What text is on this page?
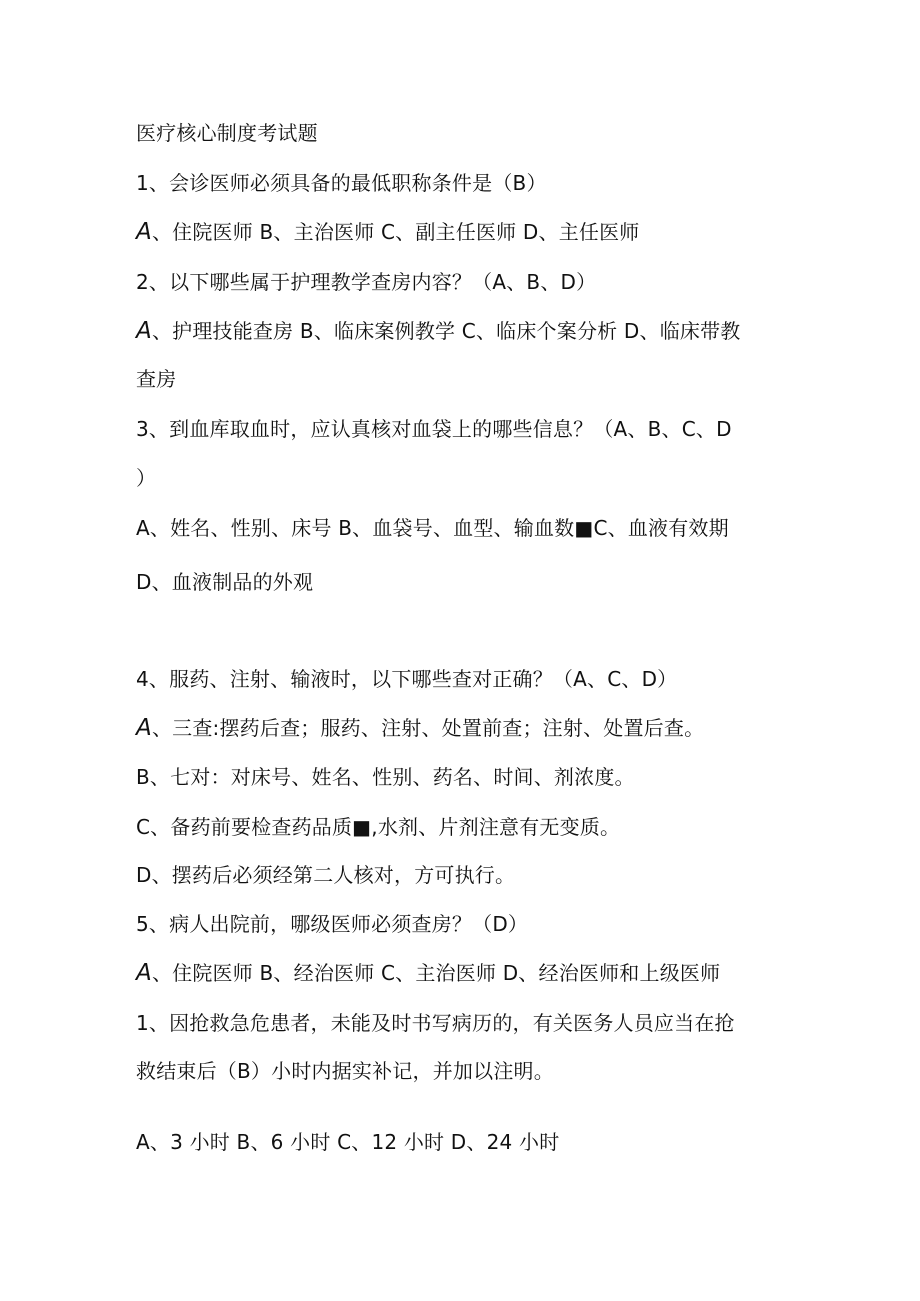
医疗核心制度考试题
1、会诊医师必须具备的最低职称条件是（B）
A、住院医师 B、主治医师 C、副主任医师 D、主任医师
2、以下哪些属于护理教学查房内容？（A、B、D）
A、护理技能查房 B、临床案例教学 C、临床个案分析 D、临床带教
查房
3、到血库取血时，应认真核对血袋上的哪些信息？（A、B、C、D
）
A、姓名、性别、床号 B、血袋号、血型、输血数■C、血液有效期
D、血液制品的外观
4、服药、注射、输液时，以下哪些查对正确？（A、C、D）
A、三查:摆药后查；服药、注射、处置前查；注射、处置后查。
B、七对：对床号、姓名、性别、药名、时间、剂浓度。
C、备药前要检查药品质■,水剂、片剂注意有无变质。
D、摆药后必须经第二人核对，方可执行。
5、病人出院前，哪级医师必须查房？（D）
A、住院医师 B、经治医师 C、主治医师 D、经治医师和上级医师
1、因抢救急危患者，未能及时书写病历的，有关医务人员应当在抢
救结束后（B）小时内据实补记，并加以注明。
A、3 小时 B、6 小时 C、12 小时 D、24 小时
